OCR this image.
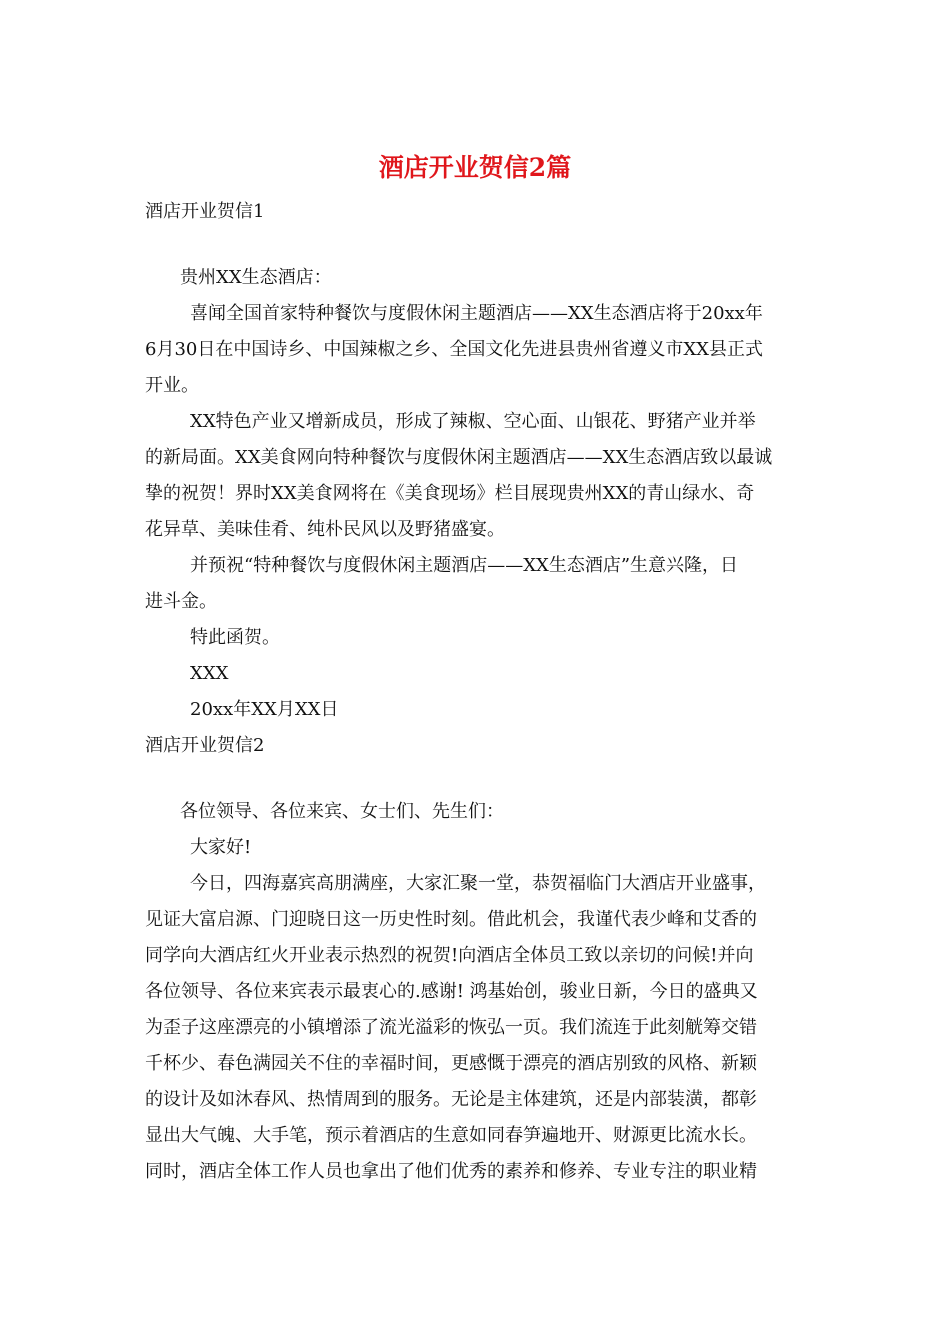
酒店开业贺信2篇
酒店开业贺信1
贵州XX生态酒店：
喜闻全国首家特种餐饮与度假休闲主题酒店——XX生态酒店将于20xx年
6月30日在中国诗乡、中国辣椒之乡、全国文化先进县贵州省遵义市XX县正式
开业。
XX特色产业又增新成员，形成了辣椒、空心面、山银花、野猪产业并举
的新局面。XX美食网向特种餐饮与度假休闲主题酒店——XX生态酒店致以最诚
挚的祝贺！界时XX美食网将在《美食现场》栏目展现贵州XX的青山绿水、奇
花异草、美味佳肴、纯朴民风以及野猪盛宴。
并预祝“特种餐饮与度假休闲主题酒店——XX生态酒店”生意兴隆，日
进斗金。
特此函贺。
XXX
20xx年XX月XX日
酒店开业贺信2
各位领导、各位来宾、女士们、先生们：
大家好!
今日，四海嘉宾高朋满座，大家汇聚一堂，恭贺福临门大酒店开业盛事，
见证大富启源、门迎晓日这一历史性时刻。借此机会，我谨代表少峰和艾香的
同学向大酒店红火开业表示热烈的祝贺!向酒店全体员工致以亲切的问候!并向
各位领导、各位来宾表示最衷心的.感谢! 鸿基始创，骏业日新，今日的盛典又
为歪子这座漂亮的小镇增添了流光溢彩的恢弘一页。我们流连于此刻觥筹交错
千杯少、春色满园关不住的幸福时间，更感慨于漂亮的酒店别致的风格、新颖
的设计及如沐春风、热情周到的服务。无论是主体建筑，还是内部装潢，都彰
显出大气魄、大手笔，预示着酒店的生意如同春笋遍地开、财源更比流水长。
同时，酒店全体工作人员也拿出了他们优秀的素养和修养、专业专注的职业精
